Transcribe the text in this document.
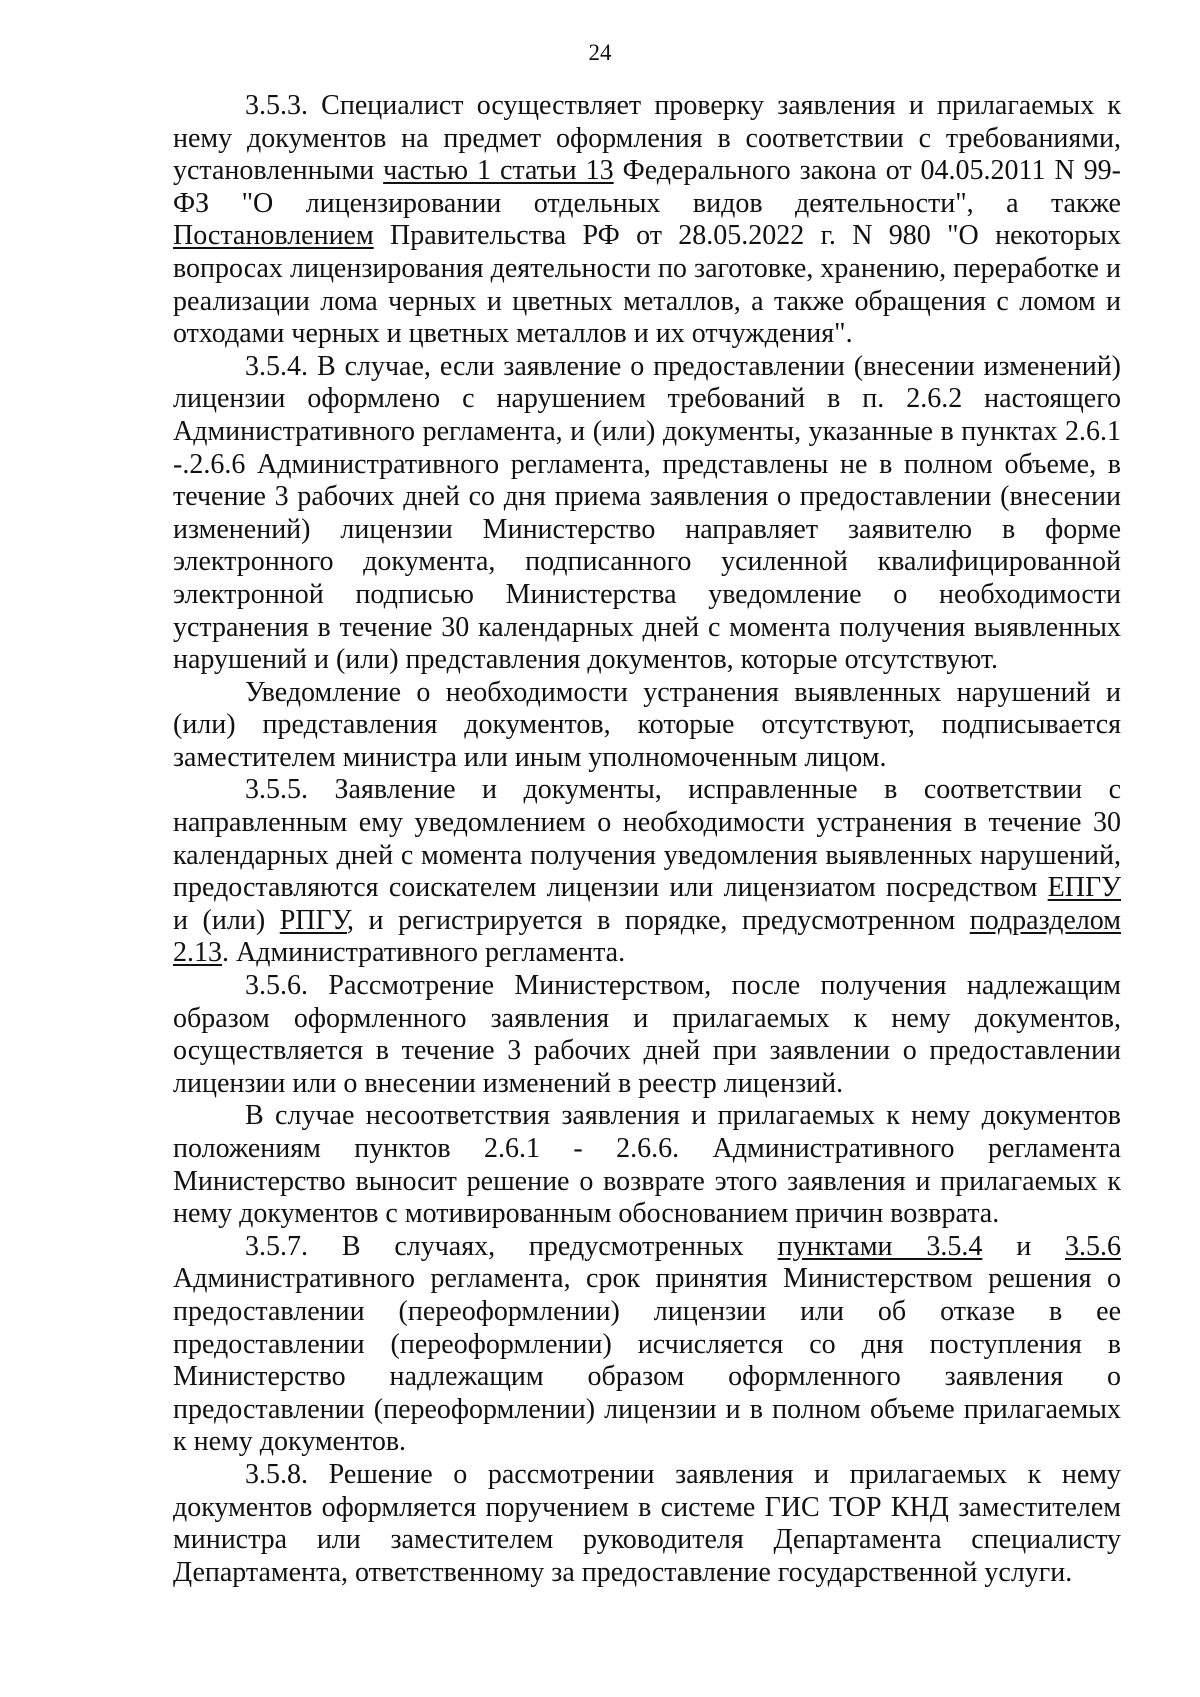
24

3.5.3. Специалист осуществляет проверку заявления и прилагаемых к нему документов на предмет оформления в соответствии с требованиями, установленными частью 1 статьи 13 Федерального закона от 04.05.2011 N 99-ФЗ "О лицензировании отдельных видов деятельности", а также Постановлением Правительства РФ от 28.05.2022 г. N 980 "О некоторых вопросах лицензирования деятельности по заготовке, хранению, переработке и реализации лома черных и цветных металлов, а также обращения с ломом и отходами черных и цветных металлов и их отчуждения".

3.5.4. В случае, если заявление о предоставлении (внесении изменений) лицензии оформлено с нарушением требований в п. 2.6.2 настоящего Административного регламента, и (или) документы, указанные в пунктах 2.6.1 -.2.6.6 Административного регламента, представлены не в полном объеме, в течение 3 рабочих дней со дня приема заявления о предоставлении (внесении изменений) лицензии Министерство направляет заявителю в форме электронного документа, подписанного усиленной квалифицированной электронной подписью Министерства уведомление о необходимости устранения в течение 30 календарных дней с момента получения выявленных нарушений и (или) представления документов, которые отсутствуют.

Уведомление о необходимости устранения выявленных нарушений и (или) представления документов, которые отсутствуют, подписывается заместителем министра или иным уполномоченным лицом.

3.5.5. Заявление и документы, исправленные в соответствии с направленным ему уведомлением о необходимости устранения в течение 30 календарных дней с момента получения уведомления выявленных нарушений, предоставляются соискателем лицензии или лицензиатом посредством ЕПГУ и (или) РПГУ, и регистрируется в порядке, предусмотренном подразделом 2.13. Административного регламента.

3.5.6. Рассмотрение Министерством, после получения надлежащим образом оформленного заявления и прилагаемых к нему документов, осуществляется в течение 3 рабочих дней при заявлении о предоставлении лицензии или о внесении изменений в реестр лицензий.

В случае несоответствия заявления и прилагаемых к нему документов положениям пунктов 2.6.1 - 2.6.6. Административного регламента Министерство выносит решение о возврате этого заявления и прилагаемых к нему документов с мотивированным обоснованием причин возврата.

3.5.7. В случаях, предусмотренных пунктами 3.5.4 и 3.5.6 Административного регламента, срок принятия Министерством решения о предоставлении (переоформлении) лицензии или об отказе в ее предоставлении (переоформлении) исчисляется со дня поступления в Министерство надлежащим образом оформленного заявления о предоставлении (переоформлении) лицензии и в полном объеме прилагаемых к нему документов.

3.5.8. Решение о рассмотрении заявления и прилагаемых к нему документов оформляется поручением в системе ГИС ТОР КНД заместителем министра или заместителем руководителя Департамента специалисту Департамента, ответственному за предоставление государственной услуги.
